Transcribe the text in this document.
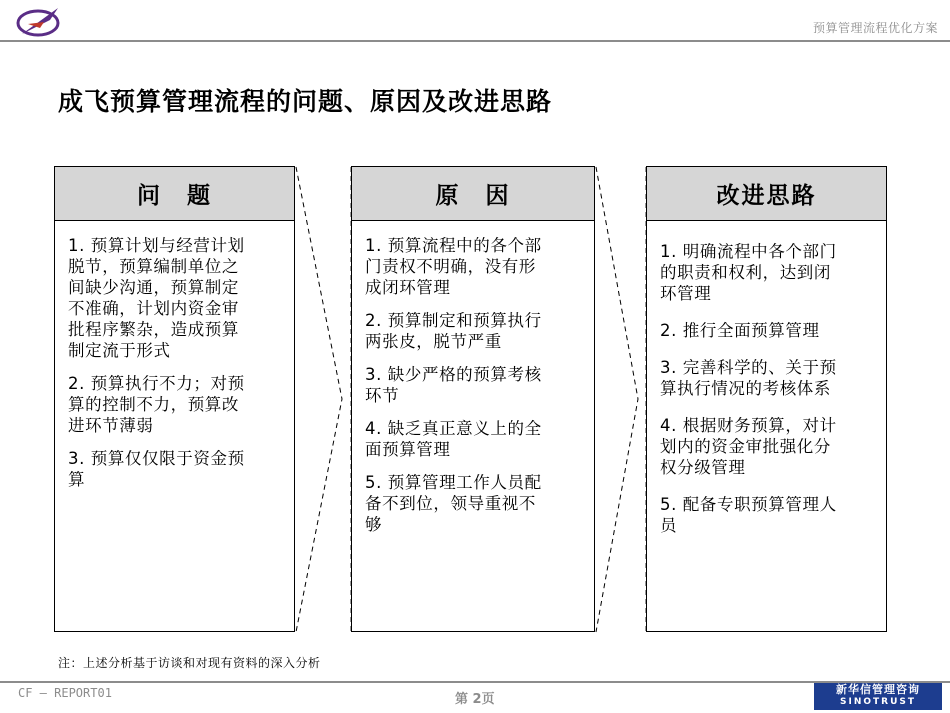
预算管理流程优化方案
成飞预算管理流程的问题、原因及改进思路
问　题
1. 预算计划与经营计划
脱节，预算编制单位之
间缺少沟通，预算制定
不准确，计划内资金审
批程序繁杂，造成预算
制定流于形式
2. 预算执行不力；对预
算的控制不力，预算改
进环节薄弱
3. 预算仅仅限于资金预
算
原　因
1. 预算流程中的各个部
门责权不明确，没有形
成闭环管理
2. 预算制定和预算执行
两张皮，脱节严重
3. 缺少严格的预算考核
环节
4. 缺乏真正意义上的全
面预算管理
5. 预算管理工作人员配
备不到位，领导重视不
够
改进思路
1. 明确流程中各个部门
的职责和权利，达到闭
环管理
2. 推行全面预算管理
3. 完善科学的、关于预
算执行情况的考核体系
4. 根据财务预算，对计
划内的资金审批强化分
权分级管理
5. 配备专职预算管理人
员
注：上述分析基于访谈和对现有资料的深入分析
CF — REPORT01	第 2页
新华信管理咨询
SINOTRUST
